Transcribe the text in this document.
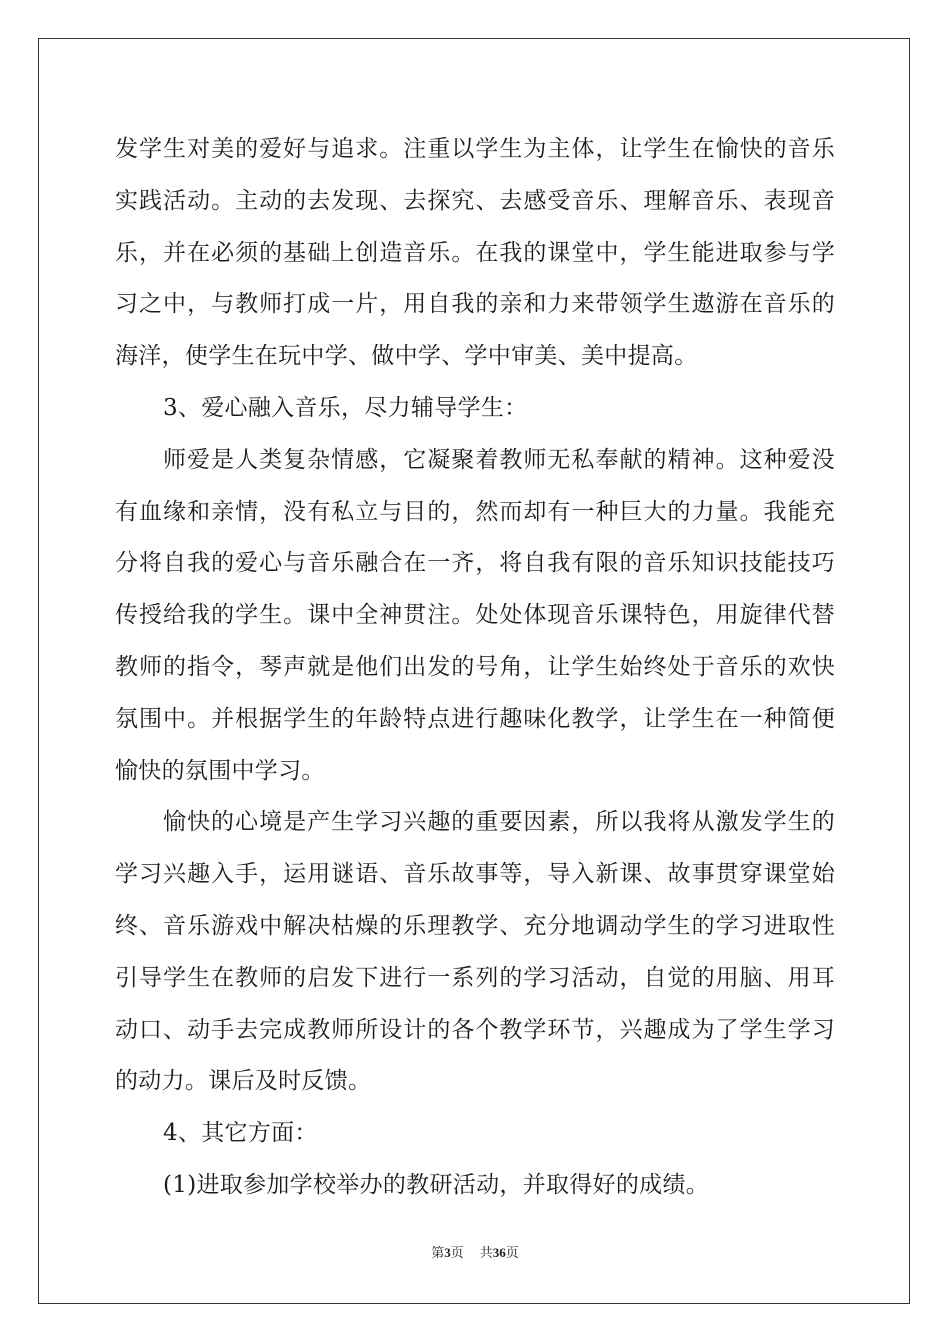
发学生对美的爱好与追求。注重以学生为主体，让学生在愉快的音乐实践活动。主动的去发现、去探究、去感受音乐、理解音乐、表现音乐，并在必须的基础上创造音乐。在我的课堂中，学生能进取参与学习之中，与教师打成一片，用自我的亲和力来带领学生遨游在音乐的海洋，使学生在玩中学、做中学、学中审美、美中提高。

3、爱心融入音乐，尽力辅导学生：

师爱是人类复杂情感，它凝聚着教师无私奉献的精神。这种爱没有血缘和亲情，没有私立与目的，然而却有一种巨大的力量。我能充分将自我的爱心与音乐融合在一齐，将自我有限的音乐知识技能技巧传授给我的学生。课中全神贯注。处处体现音乐课特色，用旋律代替教师的指令，琴声就是他们出发的号角，让学生始终处于音乐的欢快氛围中。并根据学生的年龄特点进行趣味化教学，让学生在一种简便愉快的氛围中学习。

愉快的心境是产生学习兴趣的重要因素，所以我将从激发学生的学习兴趣入手，运用谜语、音乐故事等，导入新课、故事贯穿课堂始终、音乐游戏中解决枯燥的乐理教学、充分地调动学生的学习进取性引导学生在教师的启发下进行一系列的学习活动，自觉的用脑、用耳动口、动手去完成教师所设计的各个教学环节，兴趣成为了学生学习的动力。课后及时反馈。

4、其它方面：

(1)进取参加学校举办的教研活动，并取得好的成绩。

第3页 共36页
